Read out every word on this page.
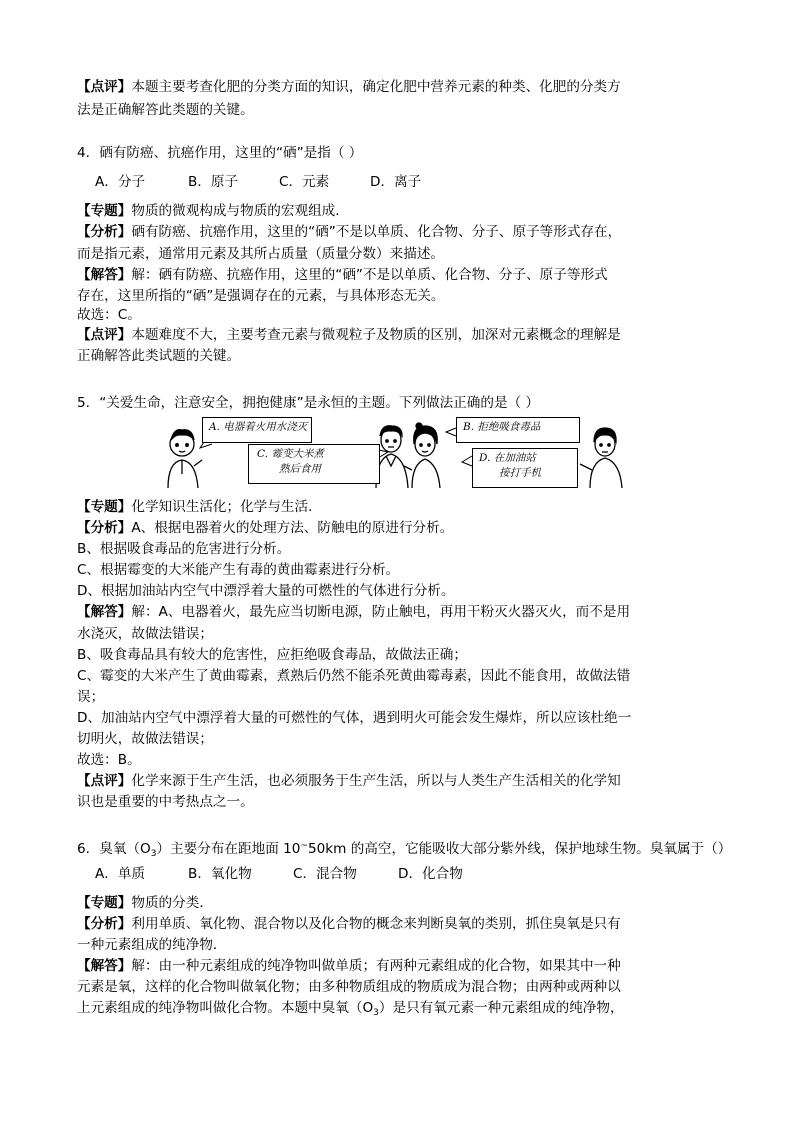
【点评】本题主要考查化肥的分类方面的知识，确定化肥中营养元素的种类、化肥的分类方
法是正确解答此类题的关键。
4．硒有防癌、抗癌作用，这里的“硒”是指（ ）
A．分子	B．原子	C．元素	D．离子
【专题】物质的微观构成与物质的宏观组成．
【分析】硒有防癌、抗癌作用，这里的“硒”不是以单质、化合物、分子、原子等形式存在，
而是指元素，通常用元素及其所占质量（质量分数）来描述。
【解答】解：硒有防癌、抗癌作用，这里的“硒”不是以单质、化合物、分子、原子等形式
存在，这里所指的“硒”是强调存在的元素，与具体形态无关。
故选：C。
【点评】本题难度不大，主要考查元素与微观粒子及物质的区别，加深对元素概念的理解是
正确解答此类试题的关键。
5．“关爱生命，注意安全，拥抱健康”是永恒的主题。下列做法正确的是（ ）
A. 电器着火用水浇灭
C. 霉变大米煮
熟后食用
B. 拒绝吸食毒品
D. 在加油站
接打手机
【专题】化学知识生活化；化学与生活．
【分析】A、根据电器着火的处理方法、防触电的原进行分析。
B、根据吸食毒品的危害进行分析。
C、根据霉变的大米能产生有毒的黄曲霉素进行分析。
D、根据加油站内空气中漂浮着大量的可燃性的气体进行分析。
【解答】解：A、电器着火，最先应当切断电源，防止触电，再用干粉灭火器灭火，而不是用
水浇灭，故做法错误；
B、吸食毒品具有较大的危害性，应拒绝吸食毒品，故做法正确；
C、霉变的大米产生了黄曲霉素，煮熟后仍然不能杀死黄曲霉毒素，因此不能食用，故做法错
误；
D、加油站内空气中漂浮着大量的可燃性的气体，遇到明火可能会发生爆炸，所以应该杜绝一
切明火，故做法错误；
故选：B。
【点评】化学来源于生产生活，也必须服务于生产生活，所以与人类生产生活相关的化学知
识也是重要的中考热点之一。
6．臭氧$(O_3)$主要分布在距地面 10~50km 的高空，它能吸收大部分紫外线，保护地球生物。臭氧属于（）
A．单质	B．氧化物	C．混合物	D．化合物
【专题】物质的分类．
【分析】利用单质、氧化物、混合物以及化合物的概念来判断臭氧的类别，抓住臭氧是只有
一种元素组成的纯净物．
【解答】解：由一种元素组成的纯净物叫做单质；有两种元素组成的化合物，如果其中一种
元素是氧，这样的化合物叫做氧化物；由多种物质组成的物质成为混合物；由两种或两种以
上元素组成的纯净物叫做化合物。本题中臭氧$(O_3)$是只有氧元素一种元素组成的纯净物，
